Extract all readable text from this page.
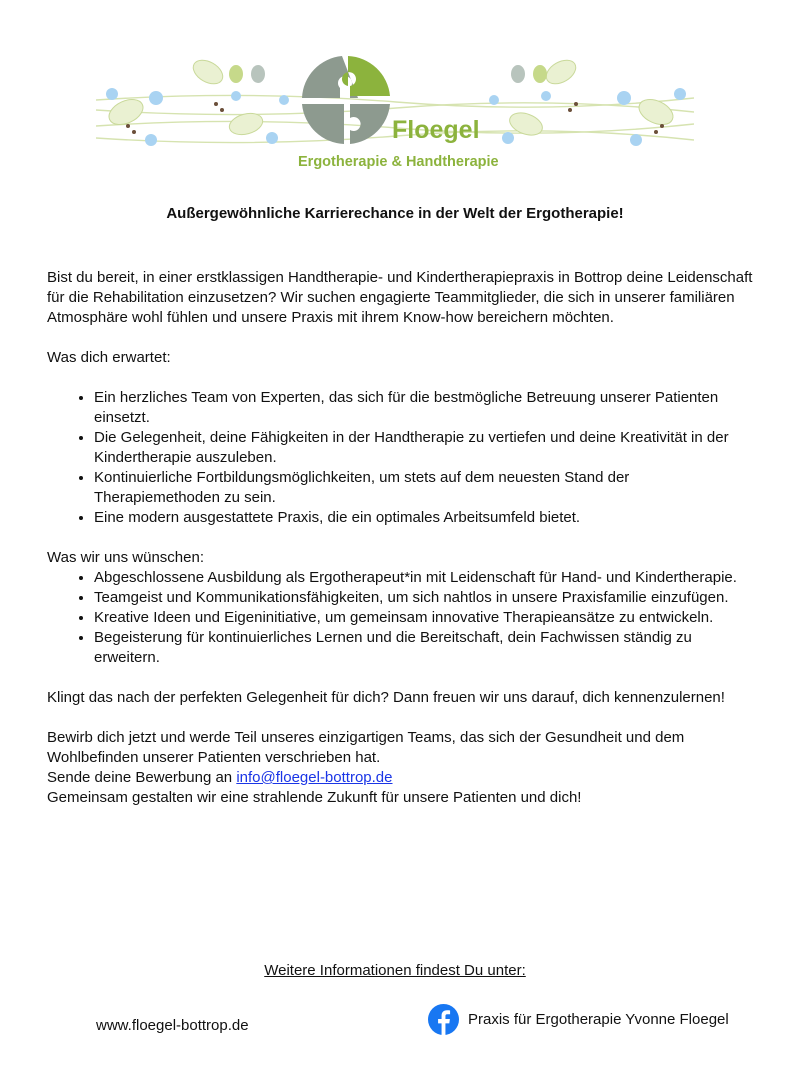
Floegel
Ergotherapie & Handtherapie
Außergewöhnliche Karrierechance in der Welt der Ergotherapie!

Bist du bereit, in einer erstklassigen Handtherapie- und Kindertherapiepraxis in Bottrop deine Leidenschaft für die Rehabilitation einzusetzen? Wir suchen engagierte Teammitglieder, die sich in unserer familiären Atmosphäre wohl fühlen und unsere Praxis mit ihrem Know-how bereichern möchten.

Was dich erwartet:

• Ein herzliches Team von Experten, das sich für die bestmögliche Betreuung unserer Patienten einsetzt.
• Die Gelegenheit, deine Fähigkeiten in der Handtherapie zu vertiefen und deine Kreativität in der Kindertherapie auszuleben.
• Kontinuierliche Fortbildungsmöglichkeiten, um stets auf dem neuesten Stand der Therapiemethoden zu sein.
• Eine modern ausgestattete Praxis, die ein optimales Arbeitsumfeld bietet.

Was wir uns wünschen:

• Abgeschlossene Ausbildung als Ergotherapeut*in mit Leidenschaft für Hand- und Kindertherapie.
• Teamgeist und Kommunikationsfähigkeiten, um sich nahtlos in unsere Praxisfamilie einzufügen.
• Kreative Ideen und Eigeninitiative, um gemeinsam innovative Therapieansätze zu entwickeln.
• Begeisterung für kontinuierliches Lernen und die Bereitschaft, dein Fachwissen ständig zu erweitern.

Klingt das nach der perfekten Gelegenheit für dich? Dann freuen wir uns darauf, dich kennenzulernen!

Bewirb dich jetzt und werde Teil unseres einzigartigen Teams, das sich der Gesundheit und dem Wohlbefinden unserer Patienten verschrieben hat.

Sende deine Bewerbung an info@floegel-bottrop.de

Gemeinsam gestalten wir eine strahlende Zukunft für unsere Patienten und dich!

Weitere Informationen findest Du unter:
www.floegel-bottrop.de	Praxis für Ergotherapie Yvonne Floegel
